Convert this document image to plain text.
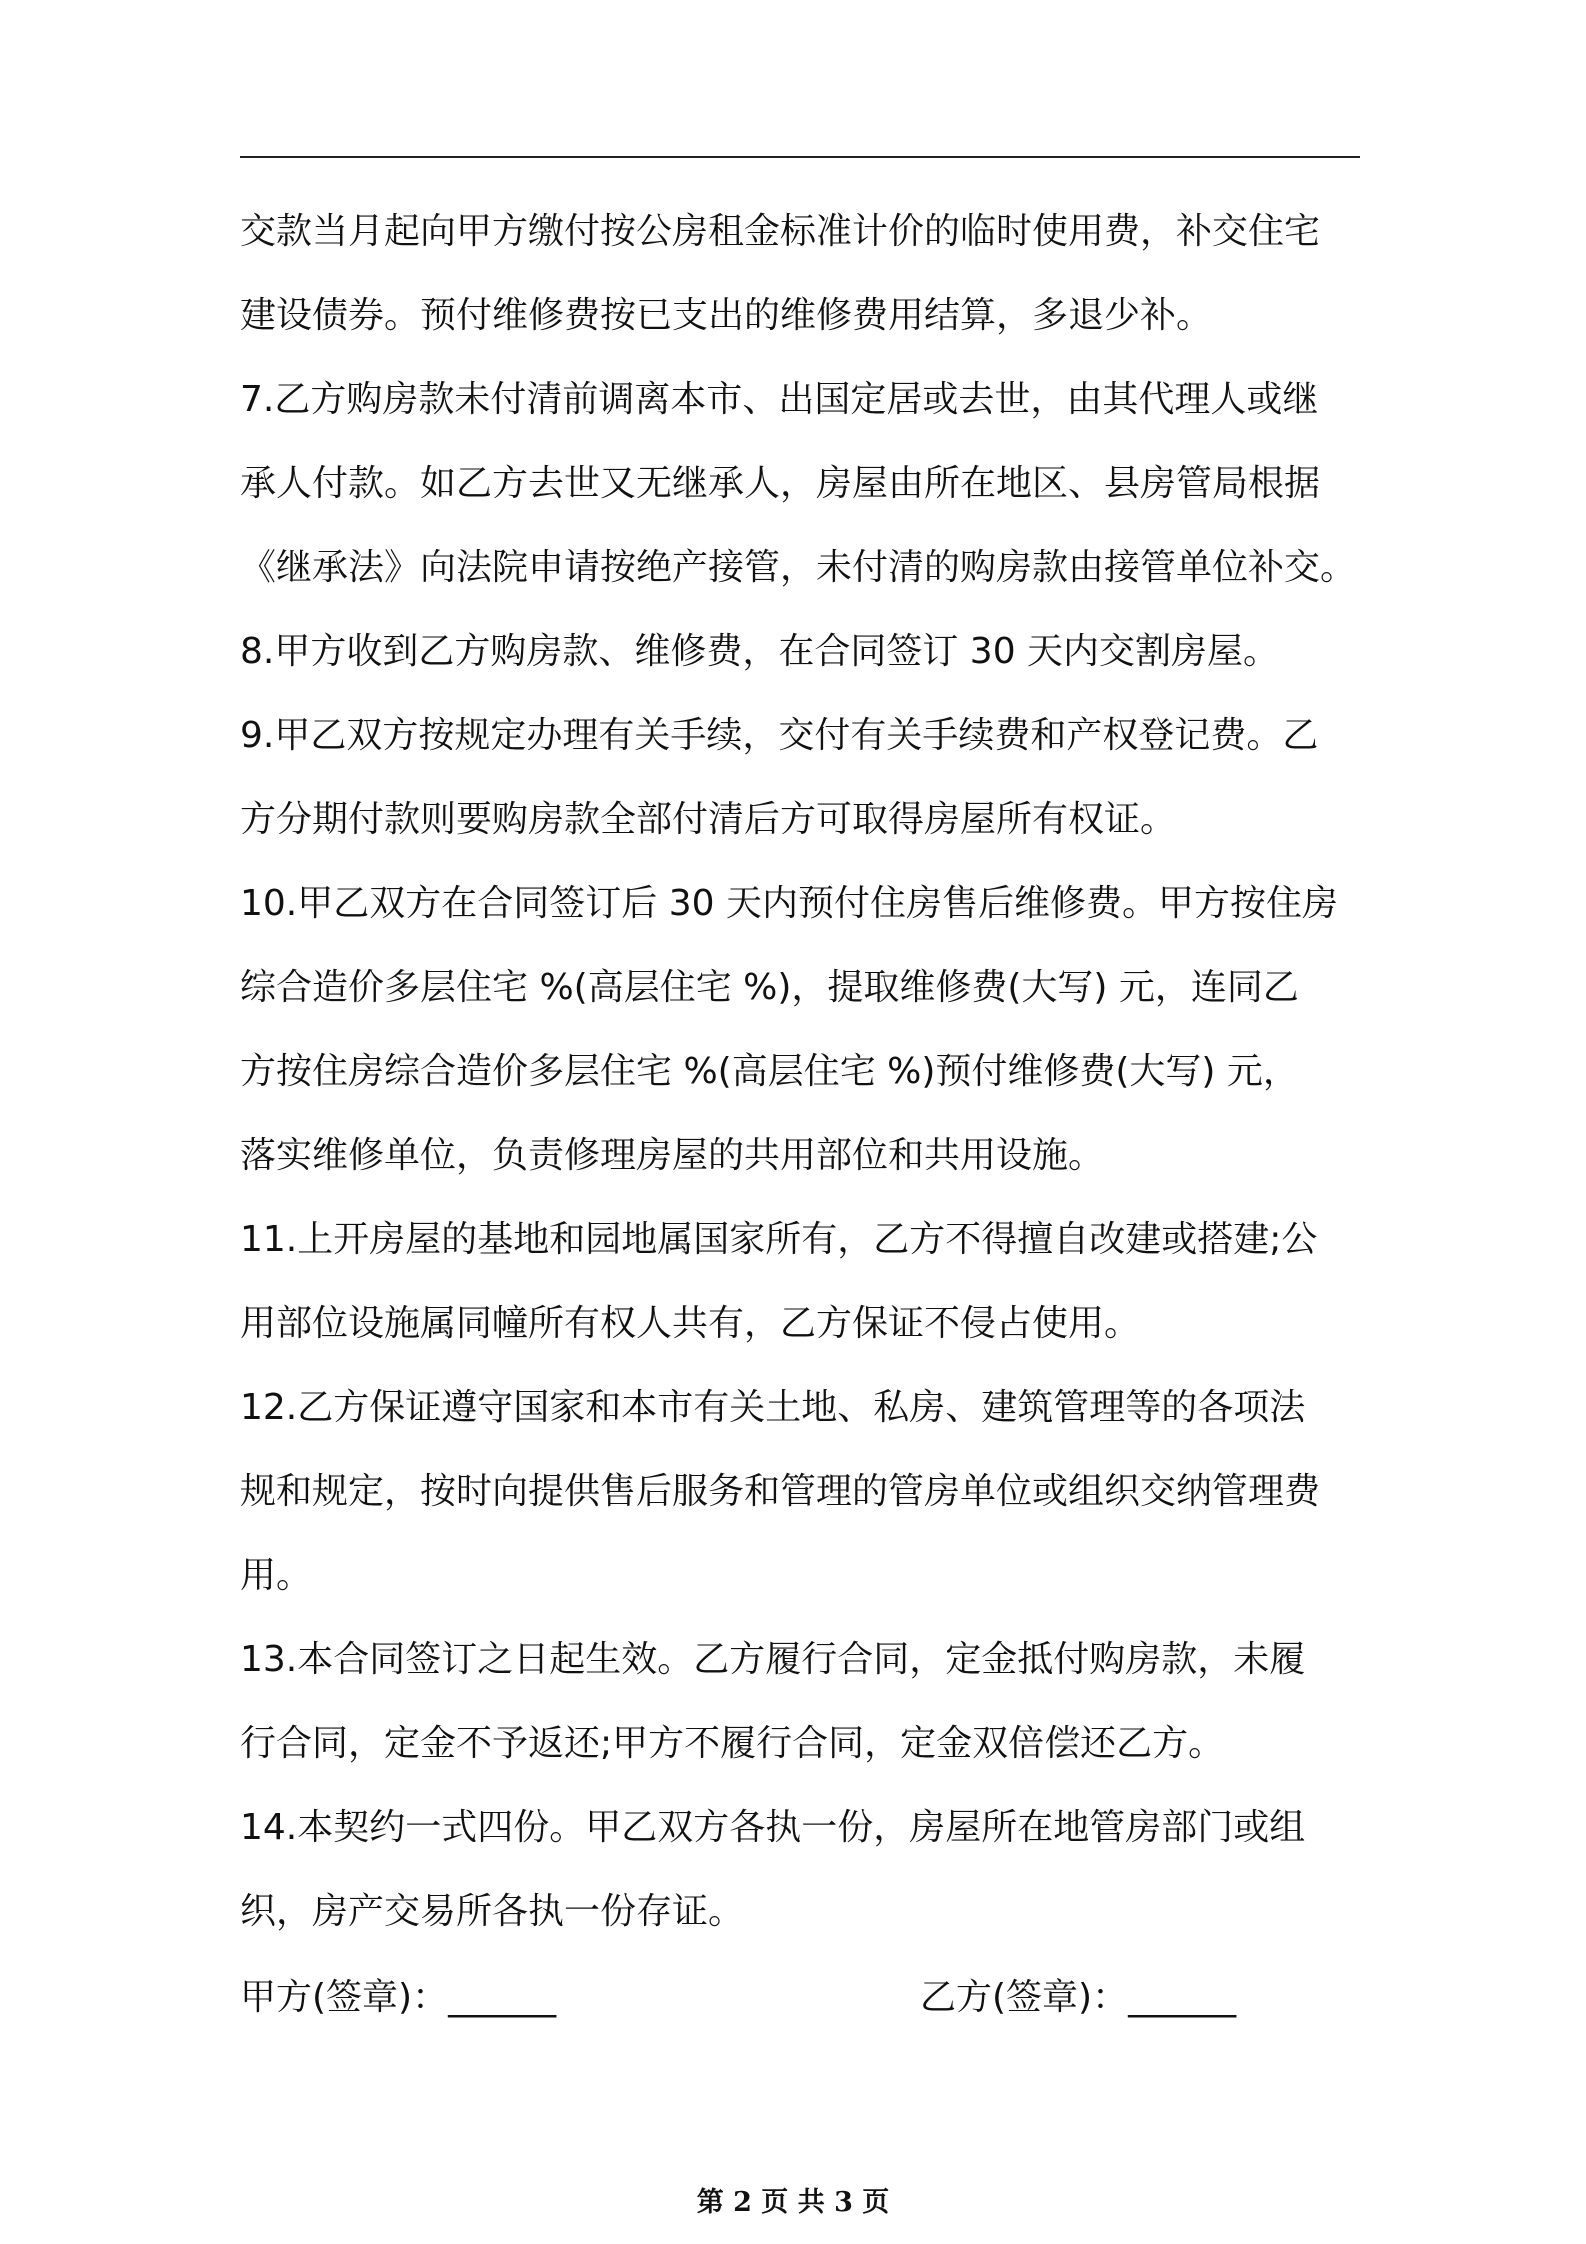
交款当月起向甲方缴付按公房租金标准计价的临时使用费，补交住宅
建设债券。预付维修费按已支出的维修费用结算，多退少补。
7.乙方购房款未付清前调离本市、出国定居或去世，由其代理人或继
承人付款。如乙方去世又无继承人，房屋由所在地区、县房管局根据
《继承法》向法院申请按绝产接管，未付清的购房款由接管单位补交。
8.甲方收到乙方购房款、维修费，在合同签订 30 天内交割房屋。
9.甲乙双方按规定办理有关手续，交付有关手续费和产权登记费。乙
方分期付款则要购房款全部付清后方可取得房屋所有权证。
10.甲乙双方在合同签订后 30 天内预付住房售后维修费。甲方按住房
综合造价多层住宅 %(高层住宅 %)，提取维修费(大写) 元，连同乙
方按住房综合造价多层住宅 %(高层住宅 %)预付维修费(大写) 元，
落实维修单位，负责修理房屋的共用部位和共用设施。
11.上开房屋的基地和园地属国家所有，乙方不得擅自改建或搭建;公
用部位设施属同幢所有权人共有，乙方保证不侵占使用。
12.乙方保证遵守国家和本市有关土地、私房、建筑管理等的各项法
规和规定，按时向提供售后服务和管理的管房单位或组织交纳管理费
用。
13.本合同签订之日起生效。乙方履行合同，定金抵付购房款，未履
行合同，定金不予返还;甲方不履行合同，定金双倍偿还乙方。
14.本契约一式四份。甲乙双方各执一份，房屋所在地管房部门或组
织，房产交易所各执一份存证。
甲方(签章)：______	乙方(签章)：______
第 2 页 共 3 页
